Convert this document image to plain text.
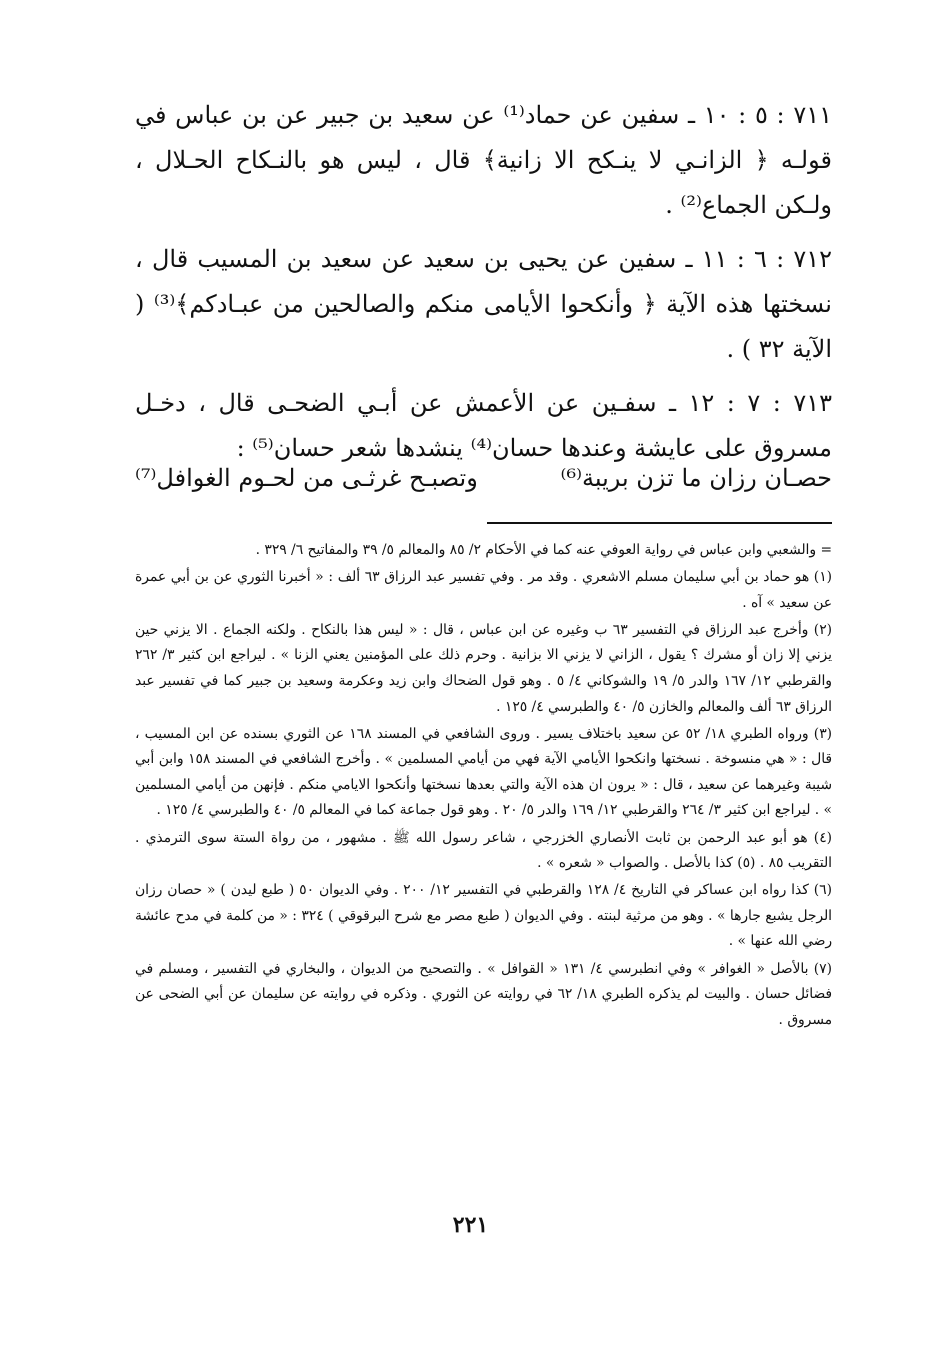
٧١١ : ٥ : ١٠ ـ سفين عن حماد⁽¹⁾ عن سعيد بن جبير عن بن عباس في قولـه ﴿ الزانـي لا ينـكح الا زانية﴾ قال ، ليس هو بالنـكاح الحـلال ، ولـكن الجماع⁽²⁾ .

٧١٢ : ٦ : ١١ ـ سفين عن يحيى بن سعيد عن سعيد بن المسيب قال ، نسختها هذه الآية ﴿ وأنكحوا الأيامى منكم والصالحين من عبـادكم﴾⁽³⁾ ( الآية ٣٢ ) .

٧١٣ : ٧ : ١٢ ـ سفـين عن الأعمش عن أبـي الضحـى قال ، دخـل مسروق على عايشة وعندها حسان⁽⁴⁾ ينشدها شعر حسان⁽⁵⁾ :

حصـان رزان ما تزن بريبة⁽⁶⁾
وتصبـح غرثـى من لحـوم الغوافل⁽⁷⁾

= والشعبي وابن عباس في رواية العوفي عنه كما في الأحكام ٢/ ٨٥ والمعالم ٥/ ٣٩ والمفاتيح ٦/ ٣٢٩ .

(١) هو حماد بن أبي سليمان مسلم الاشعري . وقد مر . وفي تفسير عبد الرزاق ٦٣ ألف : « أخبرنا الثوري عن بن أبي عمرة عن سعيد » آه .

(٢) وأخرج عبد الرزاق في التفسير ٦٣ ب وغيره عن ابن عباس ، قال : « ليس هذا بالنكاح . ولكنه الجماع . الا يزني حين يزني إلا زان أو مشرك ؟ يقول ، الزاني لا يزني الا بزانية . وحرم ذلك على المؤمنين يعني الزنا » . ليراجع ابن كثير ٣/ ٢٦٢ والقرطبي ١٢/ ١٦٧ والدر ٥/ ١٩ والشوكاني ٤/ ٥ . وهو قول الضحاك وابن زيد وعكرمة وسعيد بن جبير كما في تفسير عبد الرزاق ٦٣ ألف والمعالم والخازن ٥/ ٤٠ والطبرسي ٤/ ١٢٥ .

(٣) ورواه الطبري ١٨/ ٥٢ عن سعيد باختلاف يسير . وروى الشافعي في المسند ١٦٨ عن الثوري بسنده عن ابن المسيب ، قال : « هي منسوخة . نسختها وانكحوا الأيامي الآية فهي من أيامي المسلمين » . وأخرج الشافعي في المسند ١٥٨ وابن أبي شيبة وغيرهما عن سعيد ، قال : « يرون ان هذه الآية والتي بعدها نسختها وأنكحوا الايامي منكم . فإنهن من أيامي المسلمين » . ليراجع ابن كثير ٣/ ٢٦٤ والقرطبي ١٢/ ١٦٩ والدر ٥/ ٢٠ . وهو قول جماعة كما في المعالم ٥/ ٤٠ والطبرسي ٤/ ١٢٥ .

(٤) هو أبو عبد الرحمن بن ثابت الأنصاري الخزرجي ، شاعر رسول الله ﷺ . مشهور ، من رواة الستة سوى الترمذي . التقريب ٨٥ . (٥) كذا بالأصل . والصواب « شعره » .

(٦) كذا رواه ابن عساكر في التاريخ ٤/ ١٢٨ والقرطبي في التفسير ١٢/ ٢٠٠ . وفي الديوان ٥٠ ( طبع ليدن ) « حصان رزان الرجل يشبع جارها » . وهو من مرثية لبنته . وفي الديوان ( طبع مصر مع شرح البرقوقي ) ٣٢٤ : « من كلمة في مدح عائشة رضي الله عنها » .

(٧) بالأصل « الغوافر » وفي انطبرسي ٤/ ١٣١ « القوافل » . والتصحيح من الديوان ، والبخاري في التفسير ، ومسلم في فضائل حسان . والبيت لم يذكره الطبري ١٨/ ٦٢ في روايته عن الثوري . وذكره في روايته عن سليمان عن أبي الضحى عن مسروق .

٢٢١
